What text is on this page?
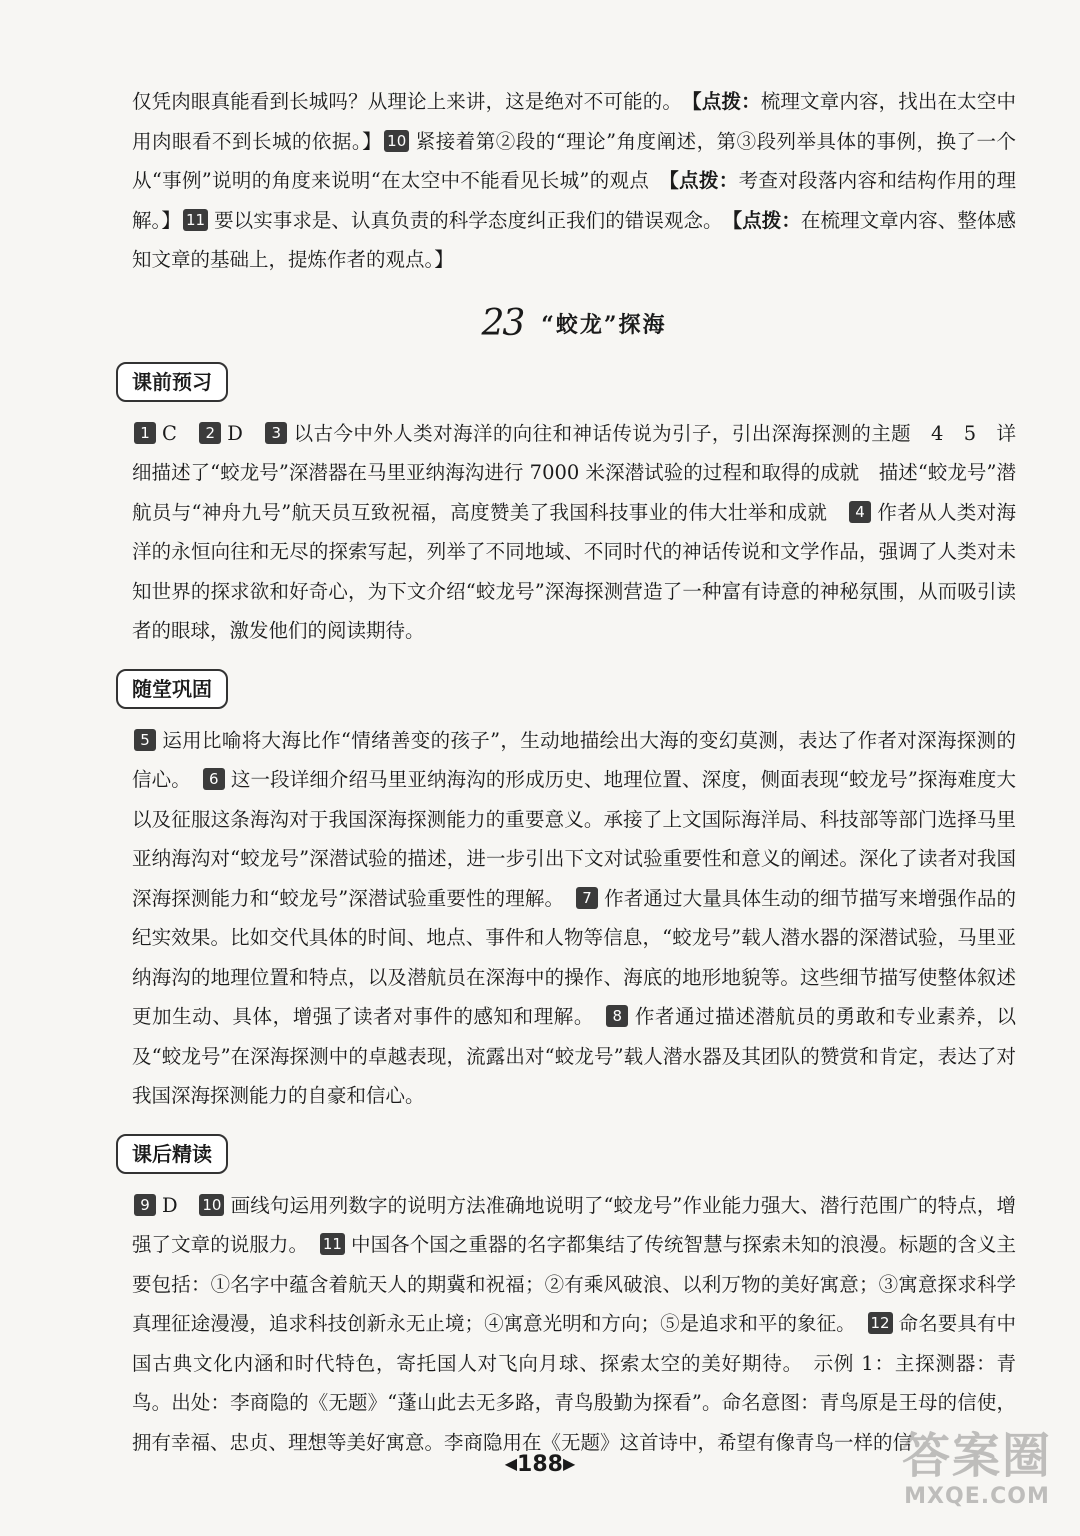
仅凭肉眼真能看到长城吗？从理论上来讲，这是绝对不可能的。　 【点拨：梳理文章内容，找出在太空中用肉眼看不到长城的依据。】 10 紧接着第②段的“理论”角度阐述，第③段列举具体的事例，换了一个从“事例”说明的角度来说明“在太空中不能看见长城”的观点　 【点拨：考查对段落内容和结构作用的理解。】 11 要以实事求是、认真负责的科学态度纠正我们的错误观念。　 【点拨：在梳理文章内容、整体感知文章的基础上，提炼作者的观点。】

23 “蛟龙”探海
课前预习

1 C　 2 D　 3 以古今中外人类对海洋的向往和神话传说为引子，引出深海探测的主题　4　5　详细描述了“蛟龙号”深潜器在马里亚纳海沟进行 7000 米深潜试验的过程和取得的成就　描述“蛟龙号”潜航员与“神舟九号”航天员互致祝福，高度赞美了我国科技事业的伟大壮举和成就　 4 作者从人类对海洋的永恒向往和无尽的探索写起，列举了不同地域、不同时代的神话传说和文学作品，强调了人类对未知世界的探求欲和好奇心，为下文介绍“蛟龙号”深海探测营造了一种富有诗意的神秘氛围，从而吸引读者的眼球，激发他们的阅读期待。

随堂巩固

5 运用比喻将大海比作“情绪善变的孩子”，生动地描绘出大海的变幻莫测，表达了作者对深海探测的信心。　 6 这一段详细介绍马里亚纳海沟的形成历史、地理位置、深度，侧面表现“蛟龙号”探海难度大以及征服这条海沟对于我国深海探测能力的重要意义。承接了上文国际海洋局、科技部等部门选择马里亚纳海沟对“蛟龙号”深潜试验的描述，进一步引出下文对试验重要性和意义的阐述。深化了读者对我国深海探测能力和“蛟龙号”深潜试验重要性的理解。　 7 作者通过大量具体生动的细节描写来增强作品的纪实效果。比如交代具体的时间、地点、事件和人物等信息，“蛟龙号”载人潜水器的深潜试验，马里亚纳海沟的地理位置和特点，以及潜航员在深海中的操作、海底的地形地貌等。这些细节描写使整体叙述更加生动、具体，增强了读者对事件的感知和理解。　 8 作者通过描述潜航员的勇敢和专业素养，以及“蛟龙号”在深海探测中的卓越表现，流露出对“蛟龙号”载人潜水器及其团队的赞赏和肯定，表达了对我国深海探测能力的自豪和信心。

课后精读

9 D　 10 画线句运用列数字的说明方法准确地说明了“蛟龙号”作业能力强大、潜行范围广的特点，增强了文章的说服力。　 11 中国各个国之重器的名字都集结了传统智慧与探索未知的浪漫。标题的含义主要包括：①名字中蕴含着航天人的期冀和祝福；②有乘风破浪、以利万物的美好寓意；③寓意探求科学真理征途漫漫，追求科技创新永无止境；④寓意光明和方向；⑤是追求和平的象征。　 12 命名要具有中国古典文化内涵和时代特色，寄托国人对飞向月球、探索太空的美好期待。　示例 1：主探测器：青鸟。出处：李商隐的《无题》“蓬山此去无多路，青鸟殷勤为探看”。命名意图：青鸟原是王母的信使，拥有幸福、忠贞、理想等美好寓意。李商隐用在《无题》这首诗中，希望有像青鸟一样的信

◀188▶	答案圈
MXQE.COM
